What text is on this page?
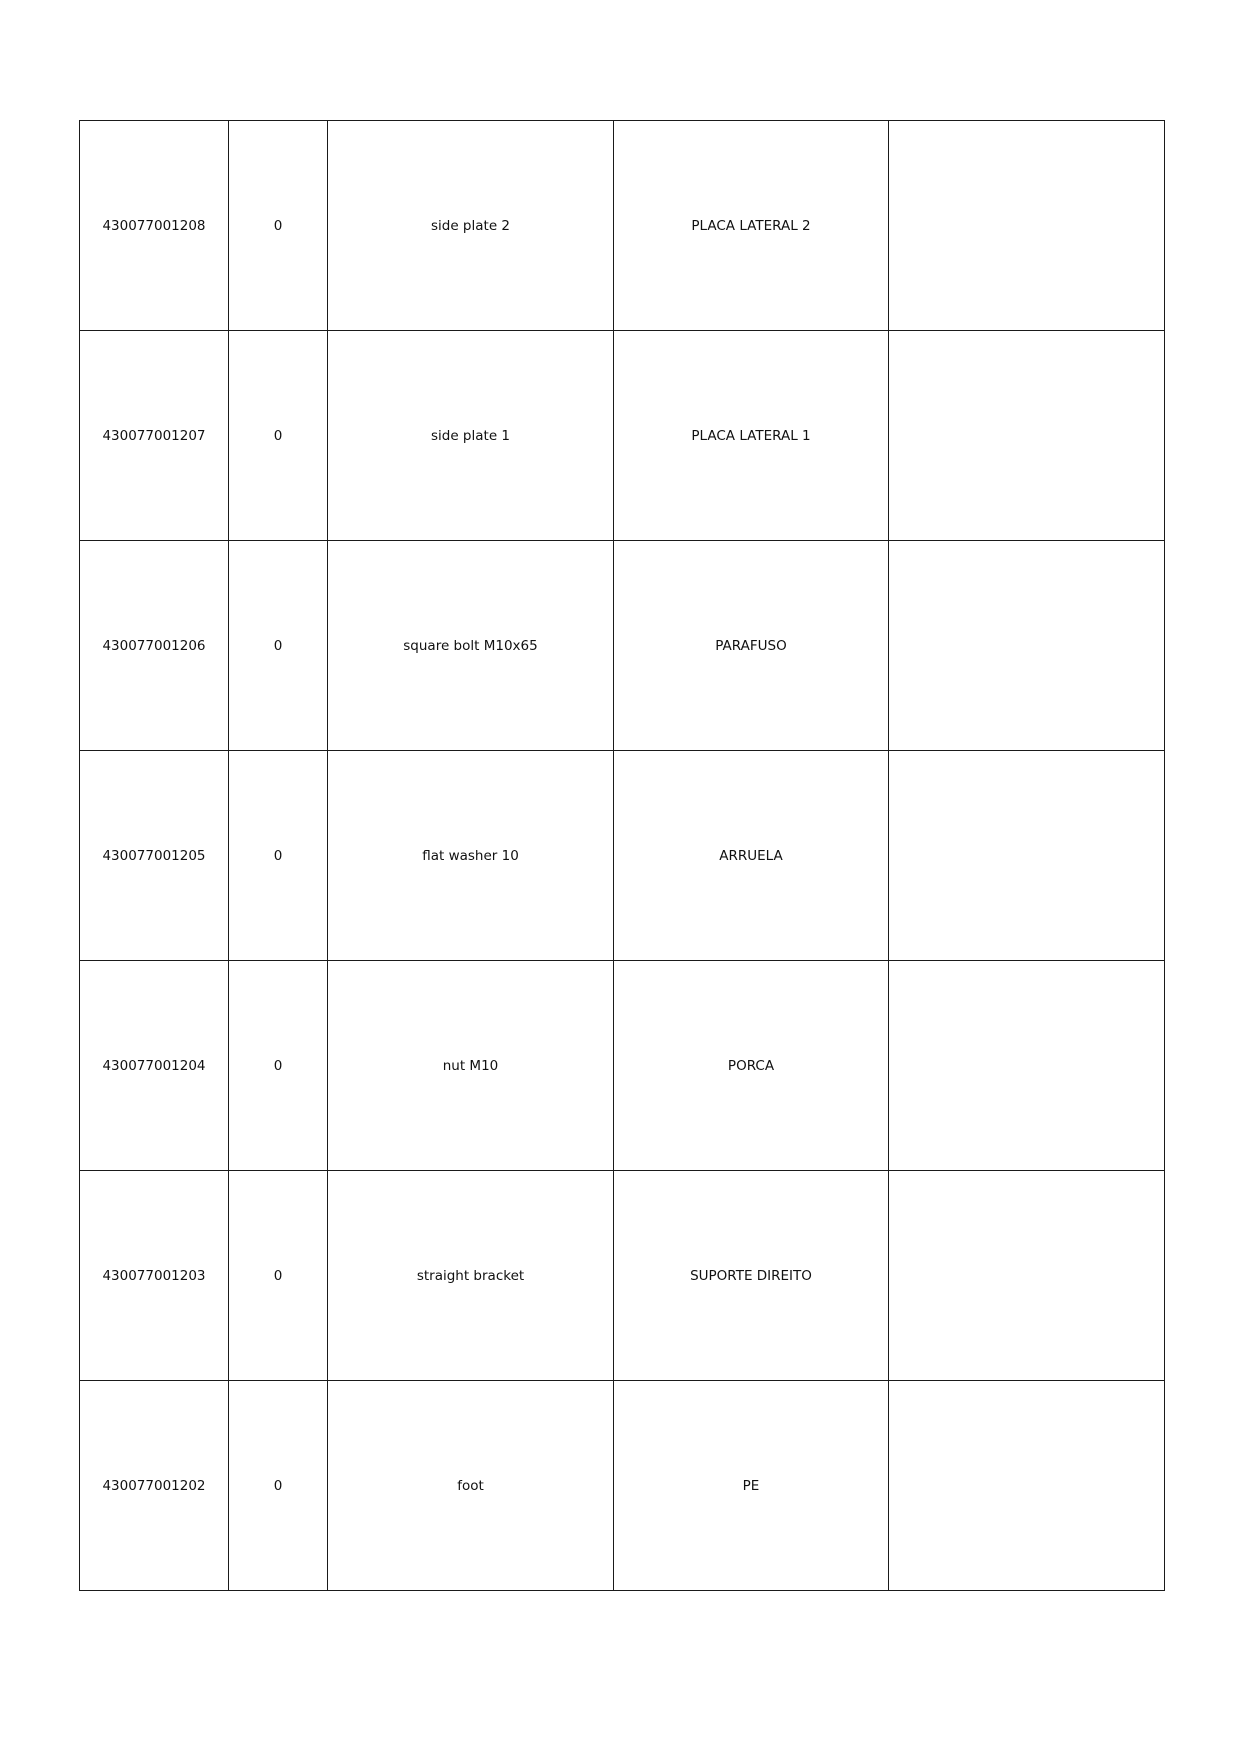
430077001208	0	side plate 2	PLACA LATERAL 2	
430077001207	0	side plate 1	PLACA LATERAL 1	
430077001206	0	square bolt M10x65	PARAFUSO	
430077001205	0	flat washer 10	ARRUELA	
430077001204	0	nut M10	PORCA	
430077001203	0	straight bracket	SUPORTE DIREITO	
430077001202	0	foot	PE	
